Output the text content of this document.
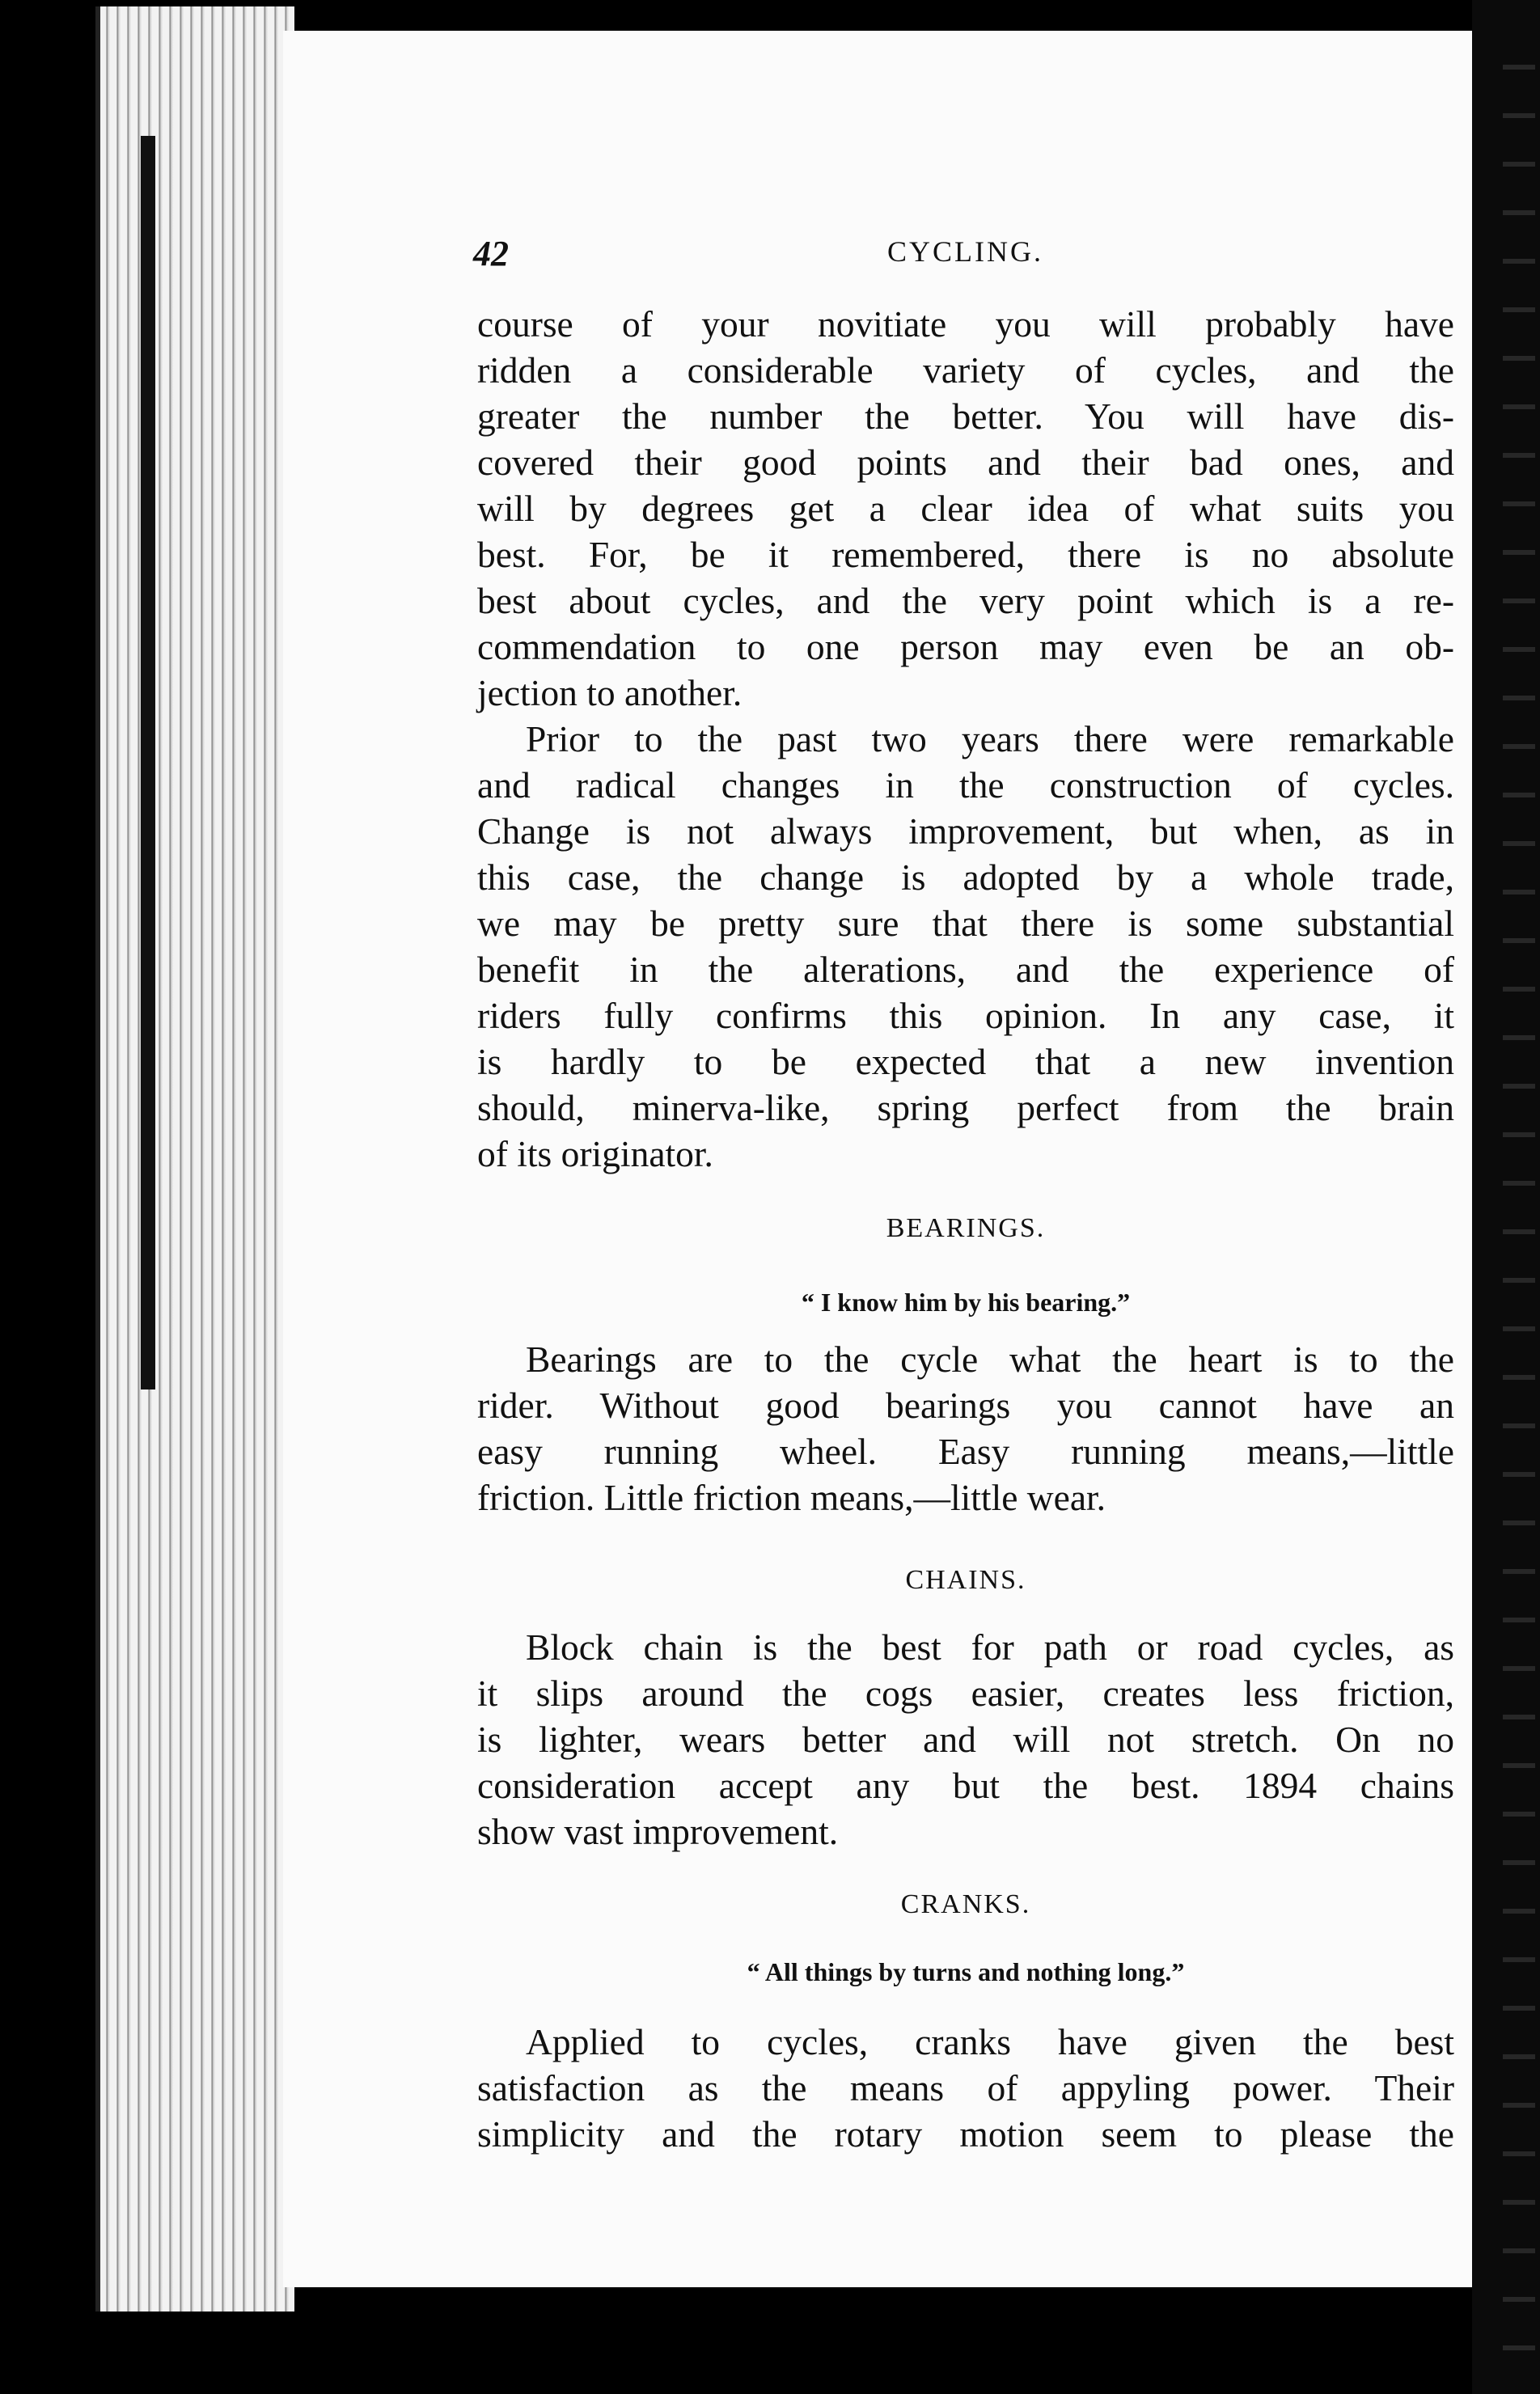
42	CYCLING.
course of your novitiate you will probably have
ridden a considerable variety of cycles, and the
greater the number the better. You will have dis-
covered their good points and their bad ones, and
will by degrees get a clear idea of what suits you
best. For, be it remembered, there is no absolute
best about cycles, and the very point which is a re-
commendation to one person may even be an ob-
jection to another.
Prior to the past two years there were remarkable
and radical changes in the construction of cycles.
Change is not always improvement, but when, as in
this case, the change is adopted by a whole trade,
we may be pretty sure that there is some substantial
benefit in the alterations, and the experience of
riders fully confirms this opinion. In any case, it
is hardly to be expected that a new invention
should, minerva-like, spring perfect from the brain
of its originator.
BEARINGS.
“ I know him by his bearing.”
Bearings are to the cycle what the heart is to the
rider. Without good bearings you cannot have an
easy running wheel. Easy running means,—little
friction. Little friction means,—little wear.
CHAINS.
Block chain is the best for path or road cycles, as
it slips around the cogs easier, creates less friction,
is lighter, wears better and will not stretch. On no
consideration accept any but the best. 1894 chains
show vast improvement.
CRANKS.
“ All things by turns and nothing long.”
Applied to cycles, cranks have given the best
satisfaction as the means of appyling power. Their
simplicity and the rotary motion seem to please the
